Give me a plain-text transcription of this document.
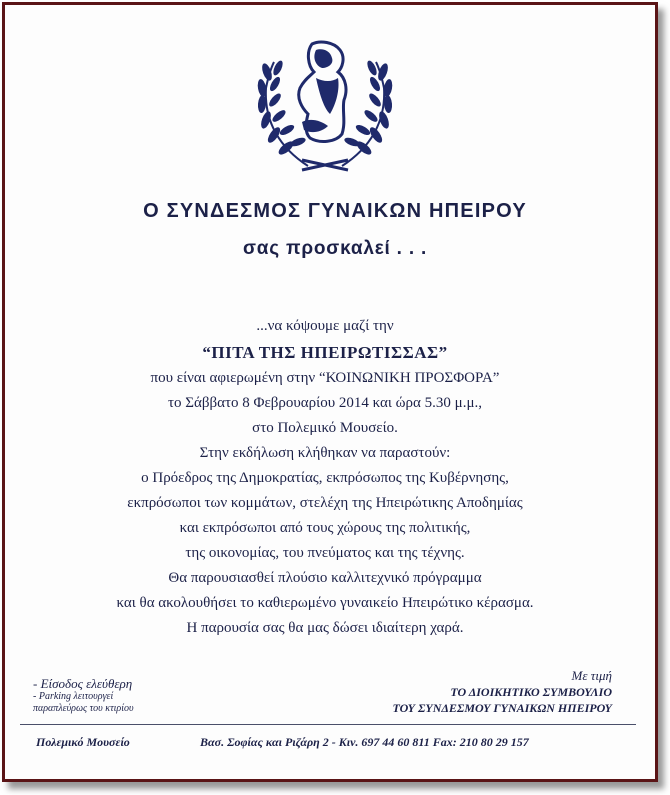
Ο ΣΥΝΔΕΣΜΟΣ ΓΥΝΑΙΚΩΝ ΗΠΕΙΡΟΥ
σας προσκαλεί . . .
...να κόψουμε μαζί την
“ΠΙΤΑ ΤΗΣ ΗΠΕΙΡΩΤΙΣΣΑΣ”
που είναι αφιερωμένη στην “ΚΟΙΝΩΝΙΚΗ ΠΡΟΣΦΟΡΑ”
το Σάββατο 8 Φεβρουαρίου 2014 και ώρα 5.30 μ.μ.,
στο Πολεμικό Μουσείο.
Στην εκδήλωση κλήθηκαν να παραστούν:
ο Πρόεδρος της Δημοκρατίας, εκπρόσωπος της Κυβέρνησης,
εκπρόσωποι των κομμάτων, στελέχη της Ηπειρώτικης Αποδημίας
και εκπρόσωποι από τους χώρους της πολιτικής,
της οικονομίας, του πνεύματος και της τέχνης.
Θα παρουσιασθεί πλούσιο καλλιτεχνικό πρόγραμμα
και θα ακολουθήσει το καθιερωμένο γυναικείο Ηπειρώτικο κέρασμα.
Η παρουσία σας θα μας δώσει ιδιαίτερη χαρά.
- Είσοδος ελεύθερη
- Parking λειτουργεί
παραπλεύρως του κτιρίου
Με τιμή
ΤΟ ΔΙΟΙΚΗΤΙΚΟ ΣΥΜΒΟΥΛΙΟ
ΤΟΥ ΣΥΝΔΕΣΜΟΥ ΓΥΝΑΙΚΩΝ ΗΠΕΙΡΟΥ
Πολεμικό Μουσείο	Βασ. Σοφίας και Ριζάρη 2 - Κιν. 697 44 60 811 Fax: 210 80 29 157
